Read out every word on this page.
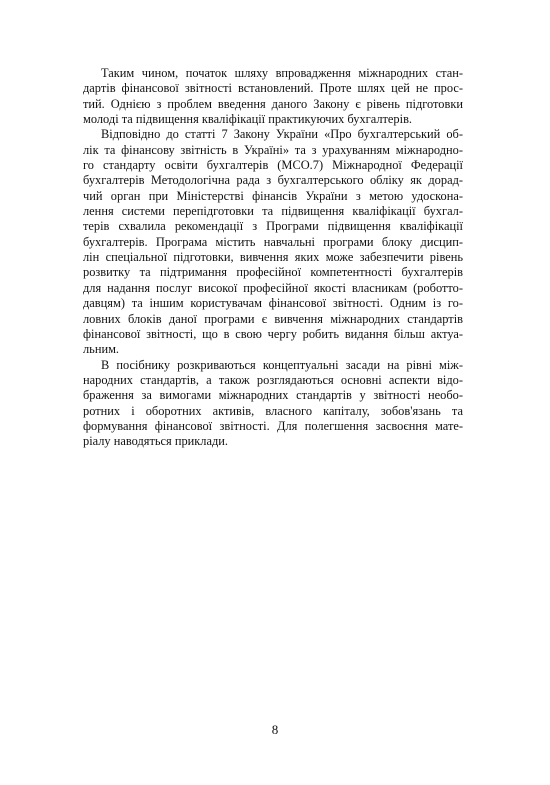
Таким чином, початок шляху впровадження міжнародних стан-
дартів фінансової звітності встановлений. Проте шлях цей не прос-
тий. Однією з проблем введення даного Закону є рівень підготовки
молоді та підвищення кваліфікації практикуючих бухгалтерів.

Відповідно до статті 7 Закону України «Про бухгалтерський об-
лік та фінансову звітність в Україні» та з урахуванням міжнародно-
го стандарту освіти бухгалтерів (МСО.7) Міжнародної Федерації
бухгалтерів Методологічна рада з бухгалтерського обліку як дорад-
чий орган при Міністерстві фінансів України з метою удоскона-
лення системи перепідготовки та підвищення кваліфікації бухгал-
терів схвалила рекомендації з Програми підвищення кваліфікації
бухгалтерів. Програма містить навчальні програми блоку дисцип-
лін спеціальної підготовки, вивчення яких може забезпечити рівень
розвитку та підтримання професійної компетентності бухгалтерів
для надання послуг високої професійної якості власникам (роботто-
давцям) та іншим користувачам фінансової звітності. Одним із го-
ловних блоків даної програми є вивчення міжнародних стандартів
фінансової звітності, що в свою чергу робить видання більш актуа-
льним.

В посібнику розкриваються концептуальні засади на рівні між-
народних стандартів, а також розглядаються основні аспекти відо-
браження за вимогами міжнародних стандартів у звітності необо-
ротних і оборотних активів, власного капіталу, зобов'язань та
формування фінансової звітності. Для полегшення засвоєння мате-
ріалу наводяться приклади.

8
